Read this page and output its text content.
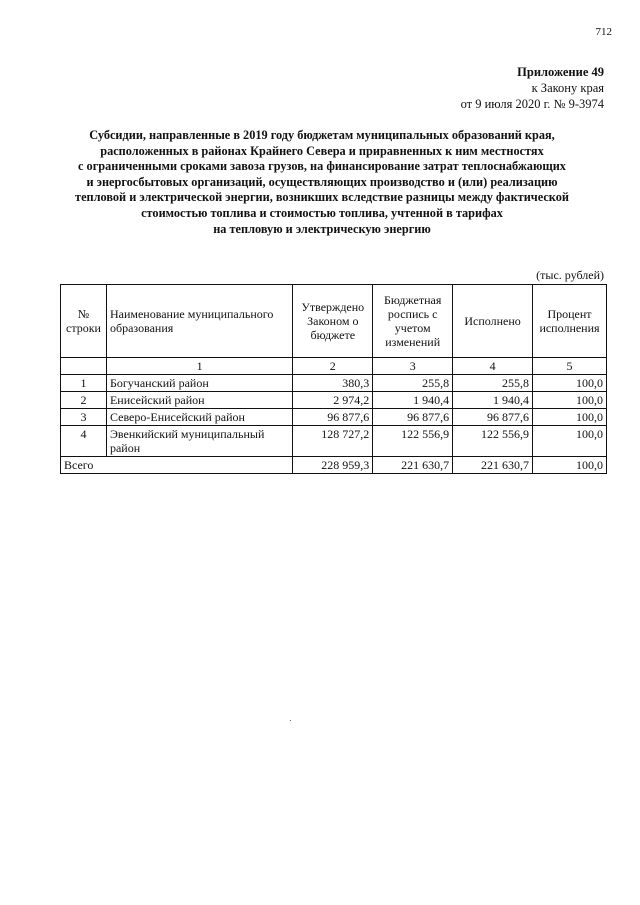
712
Приложение 49
к Закону края
от 9 июля 2020 г. № 9-3974
Субсидии, направленные в 2019 году бюджетам муниципальных образований края,
расположенных в районах Крайнего Севера и приравненных к ним местностях
с ограниченными сроками завоза грузов, на финансирование затрат теплоснабжающих
и энергосбытовых организаций, осуществляющих производство и (или) реализацию
тепловой и электрической энергии, возникших вследствие разницы между фактической
стоимостью топлива и стоимостью топлива, учтенной в тарифах
на тепловую и электрическую энергию
(тыс. рублей)
№ строки	Наименование муниципального образования	Утверждено Законом о бюджете	Бюджетная роспись с учетом изменений	Исполнено	Процент исполнения
	1	2	3	4	5
1	Богучанский район	380,3	255,8	255,8	100,0
2	Енисейский район	2 974,2	1 940,4	1 940,4	100,0
3	Северо-Енисейский район	96 877,6	96 877,6	96 877,6	100,0
4	Эвенкийский муниципальный район	128 727,2	122 556,9	122 556,9	100,0
Всего		228 959,3	221 630,7	221 630,7	100,0
